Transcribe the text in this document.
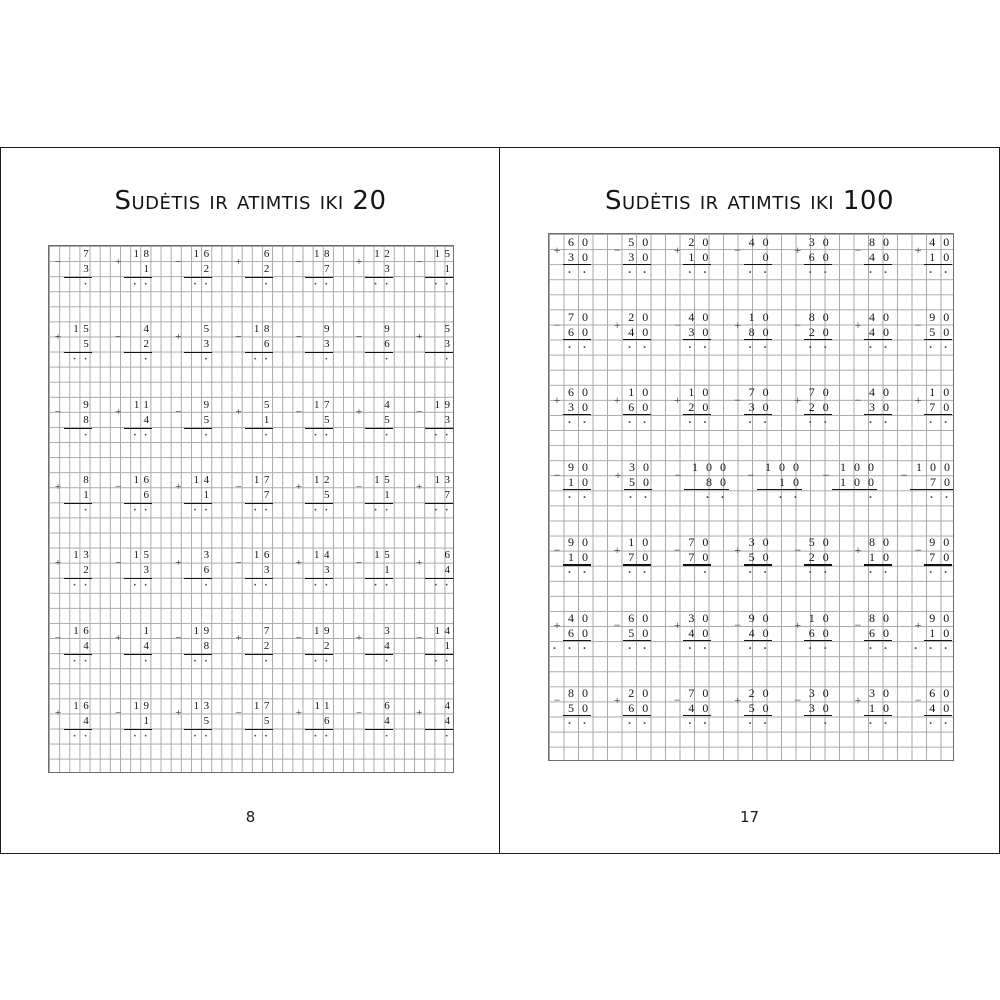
Sudėtis ir atimtis iki 20
−
7
3
·
+
18
1
··
−
16
2
··
+
6
2
·
−
18
7
··
+
12
3
··
−
15
1
··
+
15
5
··
−
4
2
·
+
5
3
·
−
18
6
··
−
9
3
·
−
9
6
·
+
5
3
·
−
9
8
·
+
11
4
··
−
9
5
·
+
5
1
·
−
17
5
··
+
4
5
·
−
19
3
··
+
8
1
·
−
16
6
··
+
14
1
··
−
17
7
··
+
12
5
··
−
15
1
··
+
13
7
··
+
13
2
··
−
15
3
··
+
3
6
·
−
16
3
··
+
14
3
··
−
15
1
··
+
6
4
··
−
16
4
··
+
1
4
·
−
19
8
··
+
7
2
·
−
19
2
··
+
3
4
·
−
14
1
··
+
16
4
··
−
19
1
··
+
13
5
··
−
17
5
··
+
11
6
··
−
6
4
·
+
4
4
·
8
Sudėtis ir atimtis iki 100
+
60
30
··
−
50
30
··
+
20
10
··
−
40
0
··
+
30
60
··
−
80
40
··
+
40
10
··
−
70
60
··
+
20
40
··
−
40
30
··
+
10
80
··
−
80
20
··
+
40
40
··
−
90
50
··
+
60
30
··
+
10
60
··
+
10
20
··
−
70
30
··
+
70
20
··
−
40
30
··
+
10
70
··
−
90
10
··
+
30
50
··
−
100
80
··
−
100
10
··
−
100
100
·
−
100
70
··
−
90
10
··
+
10
70
··
−
70
70
·
+
30
50
··
−
50
20
··
+
80
10
··
−
90
70
··
+
40
60
···
−
60
50
··
+
30
40
··
−
90
40
··
+
10
60
··
−
80
60
··
+
90
10
···
−
80
50
··
+
20
60
··
−
70
40
··
+
20
50
··
−
30
30
·
+
30
10
··
−
60
40
··
17
